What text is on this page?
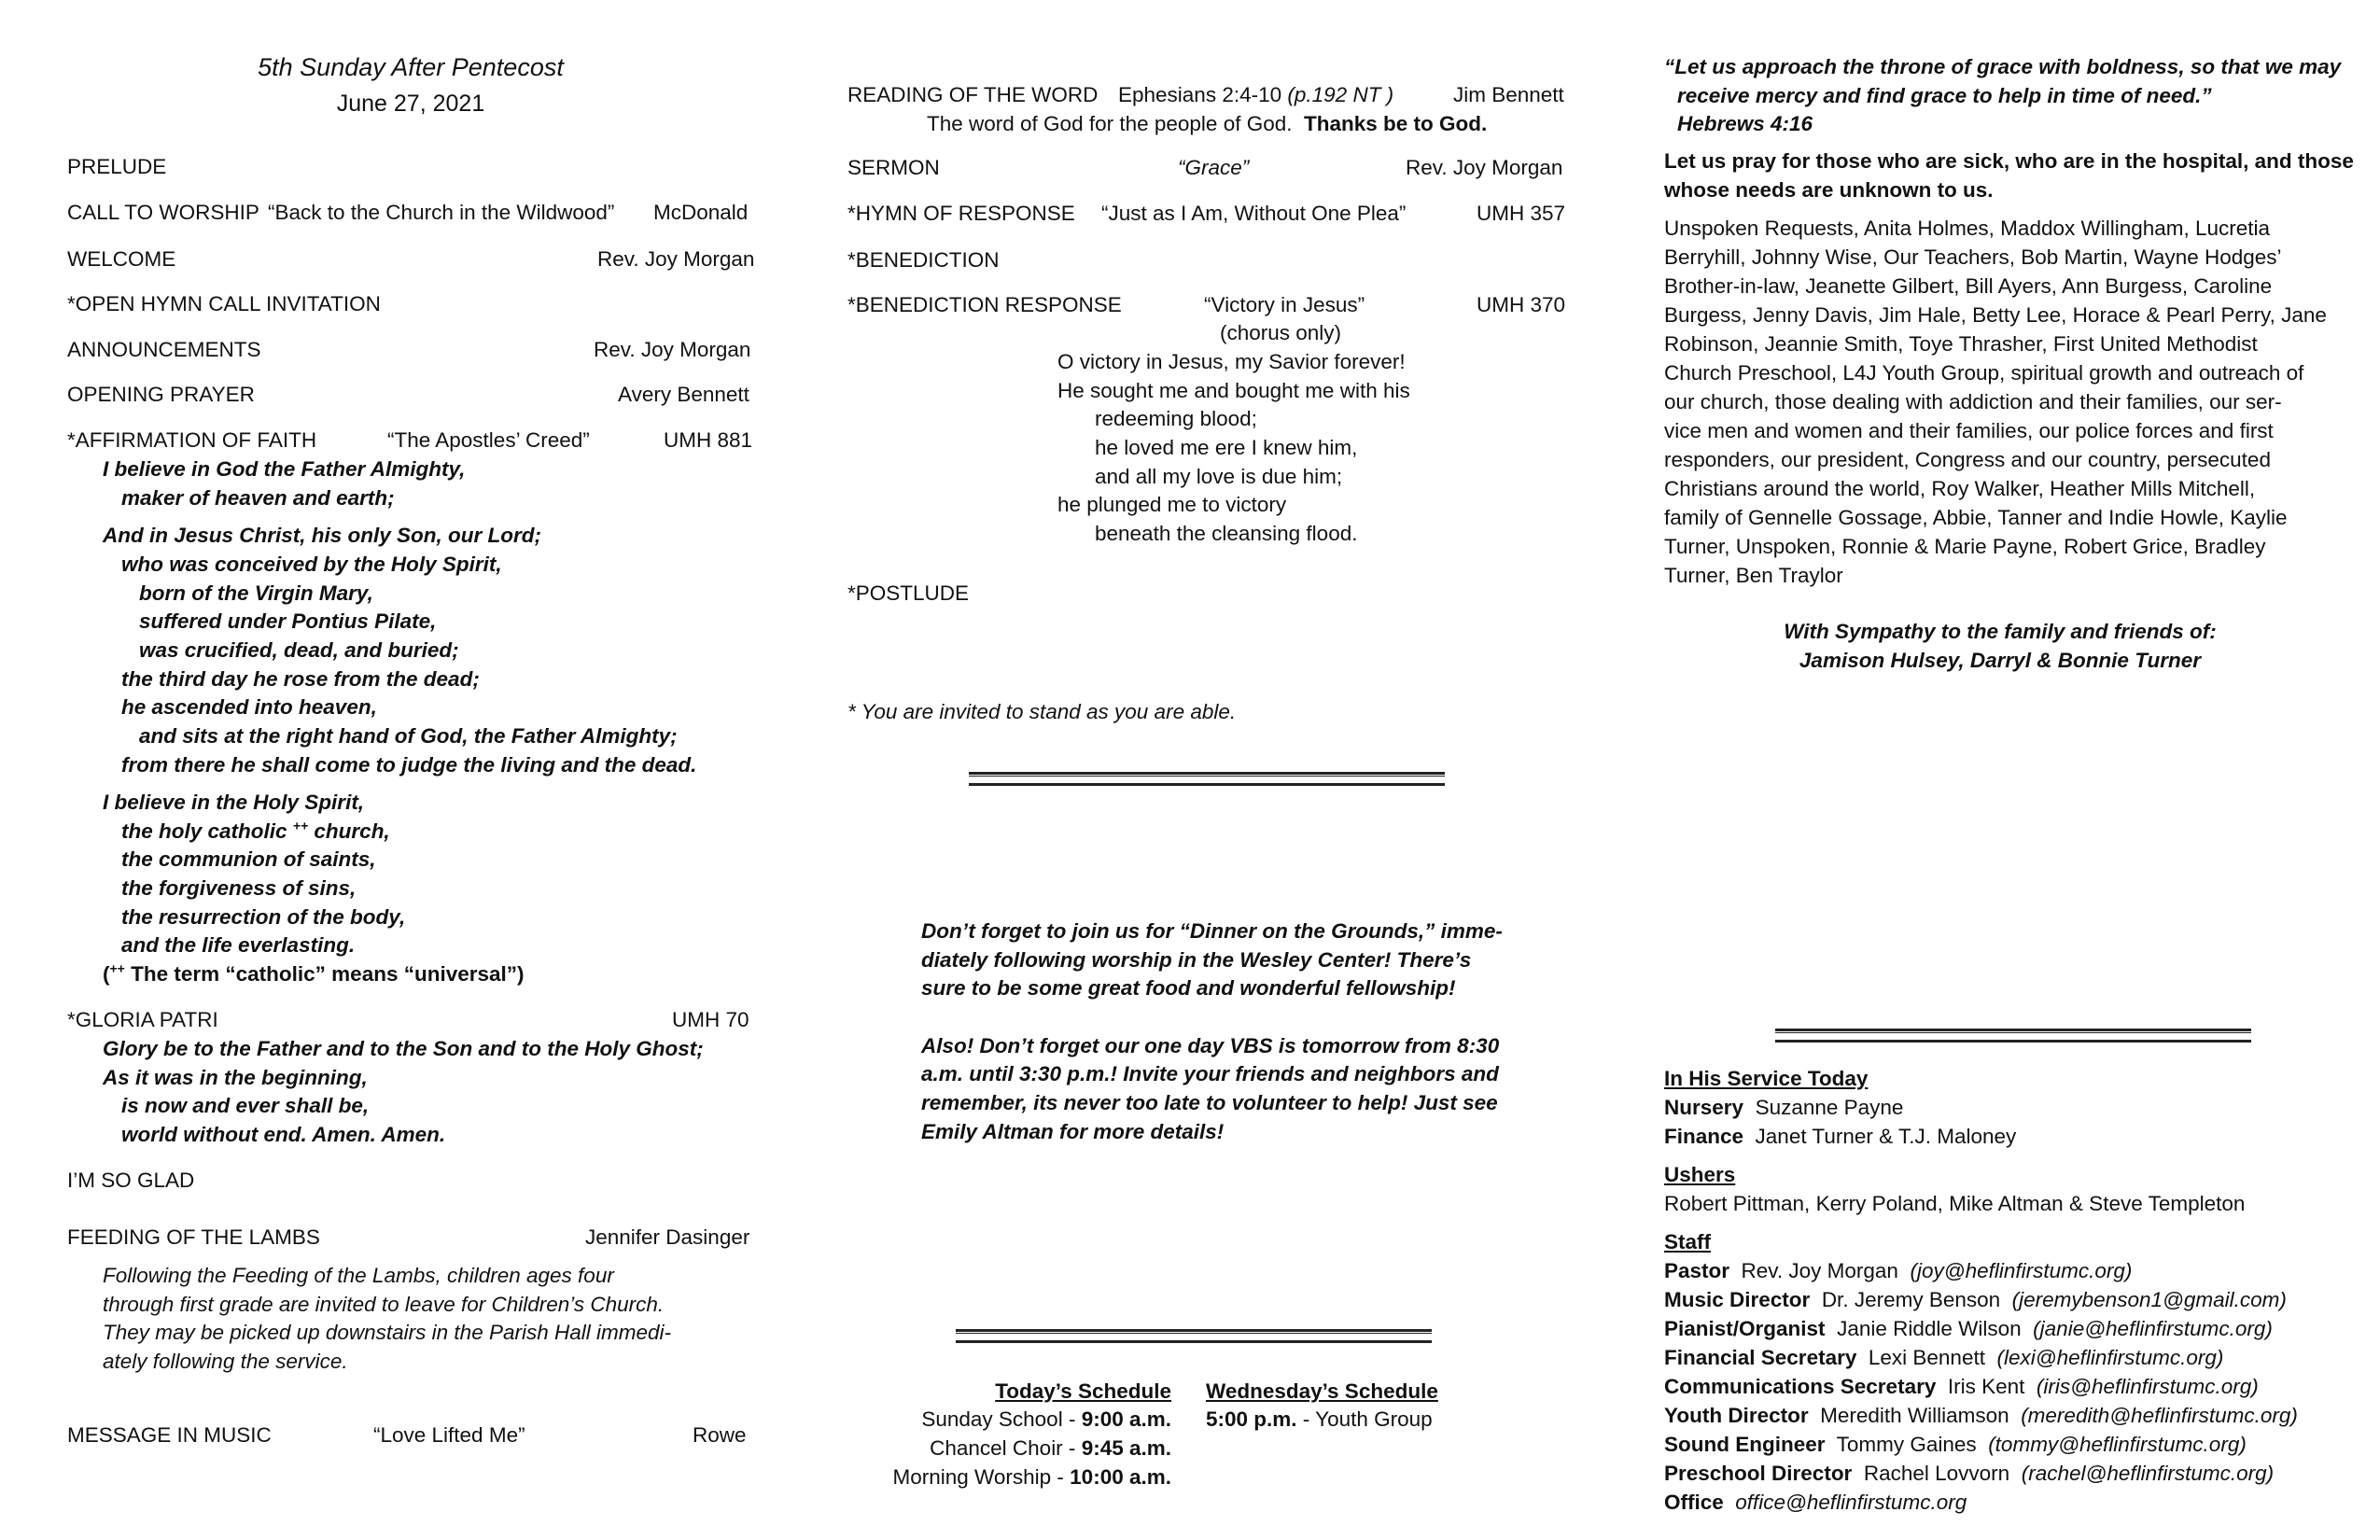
5th Sunday After Pentecost
June 27, 2021
PRELUDE
CALL TO WORSHIP “Back to the Church in the Wildwood” McDonald
WELCOME	Rev. Joy Morgan
*OPEN HYMN CALL INVITATION
ANNOUNCEMENTS	Rev. Joy Morgan
OPENING PRAYER	Avery Bennett
*AFFIRMATION OF FAITH	“The Apostles’ Creed”	UMH 881
I believe in God the Father Almighty,
maker of heaven and earth;
And in Jesus Christ, his only Son, our Lord;
who was conceived by the Holy Spirit,
born of the Virgin Mary,
suffered under Pontius Pilate,
was crucified, dead, and buried;
the third day he rose from the dead;
he ascended into heaven,
and sits at the right hand of God, the Father Almighty;
from there he shall come to judge the living and the dead.
I believe in the Holy Spirit,
the holy catholic ++ church,
the communion of saints,
the forgiveness of sins,
the resurrection of the body,
and the life everlasting.
(++ The term “catholic” means “universal”)
*GLORIA PATRI	UMH 70
Glory be to the Father and to the Son and to the Holy Ghost;
As it was in the beginning,
is now and ever shall be,
world without end. Amen. Amen.
I’M SO GLAD
FEEDING OF THE LAMBS	Jennifer Dasinger
Following the Feeding of the Lambs, children ages four
through first grade are invited to leave for Children’s Church.
They may be picked up downstairs in the Parish Hall immedi-
ately following the service.
MESSAGE IN MUSIC	“Love Lifted Me”	Rowe
READING OF THE WORD Ephesians 2:4-10 (p.192 NT )	Jim Bennett
The word of God for the people of God. Thanks be to God.
SERMON	“Grace”	Rev. Joy Morgan
*HYMN OF RESPONSE “Just as I Am, Without One Plea”	UMH 357
*BENEDICTION
*BENEDICTION RESPONSE	“Victory in Jesus”	UMH 370
(chorus only)
O victory in Jesus, my Savior forever!
He sought me and bought me with his
redeeming blood;
he loved me ere I knew him,
and all my love is due him;
he plunged me to victory
beneath the cleansing flood.
*POSTLUDE
* You are invited to stand as you are able.
Don’t forget to join us for “Dinner on the Grounds,” imme-
diately following worship in the Wesley Center! There’s
sure to be some great food and wonderful fellowship!
Also! Don’t forget our one day VBS is tomorrow from 8:30
a.m. until 3:30 p.m.! Invite your friends and neighbors and
remember, its never too late to volunteer to help! Just see
Emily Altman for more details!
Today’s Schedule
Sunday School - 9:00 a.m.
Chancel Choir - 9:45 a.m.
Morning Worship - 10:00 a.m.
Wednesday’s Schedule
5:00 p.m. - Youth Group
“Let us approach the throne of grace with boldness, so that we may
receive mercy and find grace to help in time of need.”
Hebrews 4:16
Let us pray for those who are sick, who are in the hospital, and those
whose needs are unknown to us.
Unspoken Requests, Anita Holmes, Maddox Willingham, Lucretia
Berryhill, Johnny Wise, Our Teachers, Bob Martin, Wayne Hodges’
Brother-in-law, Jeanette Gilbert, Bill Ayers, Ann Burgess, Caroline
Burgess, Jenny Davis, Jim Hale, Betty Lee, Horace & Pearl Perry, Jane
Robinson, Jeannie Smith, Toye Thrasher, First United Methodist
Church Preschool, L4J Youth Group, spiritual growth and outreach of
our church, those dealing with addiction and their families, our ser-
vice men and women and their families, our police forces and first
responders, our president, Congress and our country, persecuted
Christians around the world, Roy Walker, Heather Mills Mitchell,
family of Gennelle Gossage, Abbie, Tanner and Indie Howle, Kaylie
Turner, Unspoken, Ronnie & Marie Payne, Robert Grice, Bradley
Turner, Ben Traylor
With Sympathy to the family and friends of:
Jamison Hulsey, Darryl & Bonnie Turner
In His Service Today
Nursery Suzanne Payne
Finance Janet Turner & T.J. Maloney
Ushers
Robert Pittman, Kerry Poland, Mike Altman & Steve Templeton
Staff
Pastor Rev. Joy Morgan (joy@heflinfirstumc.org)
Music Director Dr. Jeremy Benson (jeremybenson1@gmail.com)
Pianist/Organist Janie Riddle Wilson (janie@heflinfirstumc.org)
Financial Secretary Lexi Bennett (lexi@heflinfirstumc.org)
Communications Secretary Iris Kent (iris@heflinfirstumc.org)
Youth Director Meredith Williamson (meredith@heflinfirstumc.org)
Sound Engineer Tommy Gaines (tommy@heflinfirstumc.org)
Preschool Director Rachel Lovvorn (rachel@heflinfirstumc.org)
Office office@heflinfirstumc.org
